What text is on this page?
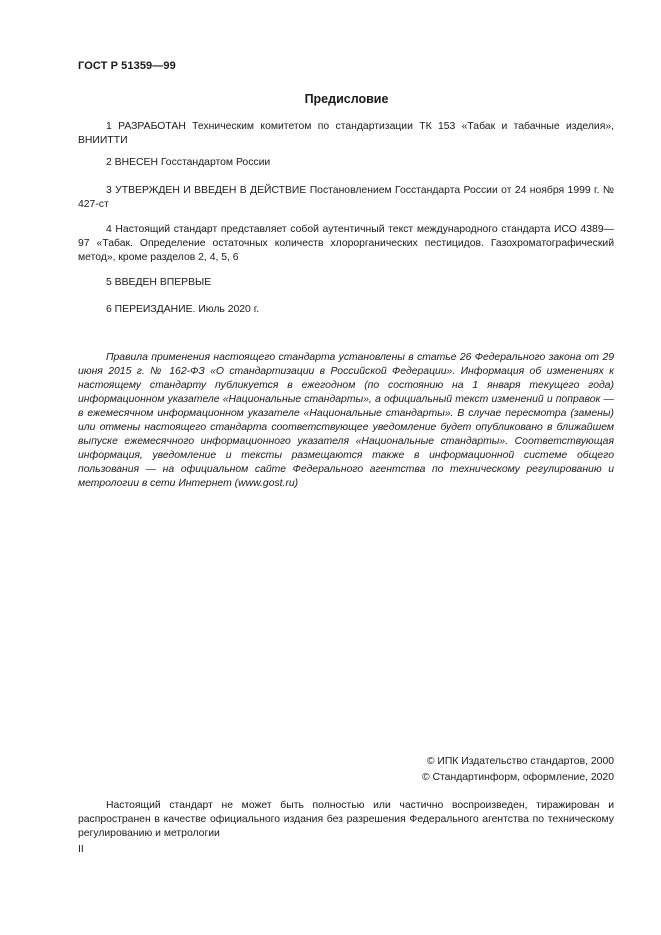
ГОСТ Р 51359—99
Предисловие

1 РАЗРАБОТАН Техническим комитетом по стандартизации ТК 153 «Табак и табачные изделия», ВНИИТТИ

2 ВНЕСЕН Госстандартом России

3 УТВЕРЖДЕН И ВВЕДЕН В ДЕЙСТВИЕ Постановлением Госстандарта России от 24 ноября 1999 г. № 427-ст

4 Настоящий стандарт представляет собой аутентичный текст международного стандарта ИСО 4389—97 «Табак. Определение остаточных количеств хлорорганических пестицидов. Газохроматографический метод», кроме разделов 2, 4, 5, 6

5 ВВЕДЕН ВПЕРВЫЕ

6 ПЕРЕИЗДАНИЕ. Июль 2020 г.

Правила применения настоящего стандарта установлены в статье 26 Федерального закона от 29 июня 2015 г. № 162-ФЗ «О стандартизации в Российской Федерации». Информация об изменениях к настоящему стандарту публикуется в ежегодном (по состоянию на 1 января текущего года) информационном указателе «Национальные стандарты», а официальный текст изменений и поправок — в ежемесячном информационном указателе «Национальные стандарты». В случае пересмотра (замены) или отмены настоящего стандарта соответствующее уведомление будет опубликовано в ближайшем выпуске ежемесячного информационного указателя «Национальные стандарты». Соответствующая информация, уведомление и тексты размещаются также в информационной системе общего пользования — на официальном сайте Федерального агентства по техническому регулированию и метрологии в сети Интернет (www.gost.ru)

© ИПК Издательство стандартов, 2000
© Стандартинформ, оформление, 2020

Настоящий стандарт не может быть полностью или частично воспроизведен, тиражирован и распространен в качестве официального издания без разрешения Федерального агентства по техническому регулированию и метрологии

II
